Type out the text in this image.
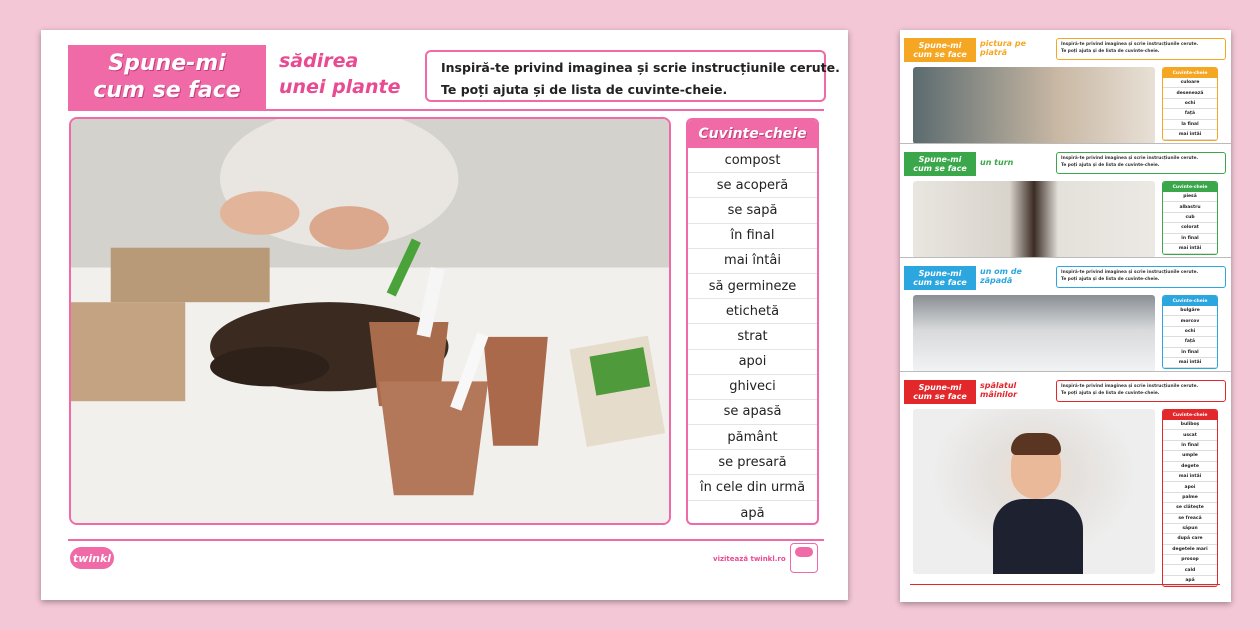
Spune-mi
cum se face
sădirea
unei plante
Inspiră-te privind imaginea și scrie instrucțiunile cerute.
Te poți ajuta și de lista de cuvinte-cheie.
Cuvinte-cheie
compost
se acoperă
se sapă
în final
mai întâi
să germineze
etichetă
strat
apoi
ghiveci
se apasă
pământ
se presară
în cele din urmă
apă
twinkl	vizitează twinkl.ro
Spune-mi
cum se face
pictura pe
piatră
Inspiră-te privind imaginea și scrie instrucțiunile cerute.
Te poți ajuta și de lista de cuvinte-cheie.
Cuvinte-cheie
culoare
desenează
ochi
față
la final
mai întâi
Spune-mi
cum se face
un turn	Inspiră-te privind imaginea și scrie instrucțiunile cerute.
Te poți ajuta și de lista de cuvinte-cheie.
Cuvinte-cheie
piesă
albastru
cub
colorat
în final
mai întâi
Spune-mi
cum se face
un om de
zăpadă
Inspiră-te privind imaginea și scrie instrucțiunile cerute.
Te poți ajuta și de lista de cuvinte-cheie.
Cuvinte-cheie
bulgăre
morcov
ochi
față
în final
mai întâi
Spune-mi
cum se face
spălatul
mâinilor
Inspiră-te privind imaginea și scrie instrucțiunile cerute.
Te poți ajuta și de lista de cuvinte-cheie.
Cuvinte-cheie
buliboș
uscat
în final
umple
degete
mai întâi
apoi
palme
se clătește
se freacă
săpun
după care
degetele mari
prosop
cald
apă
